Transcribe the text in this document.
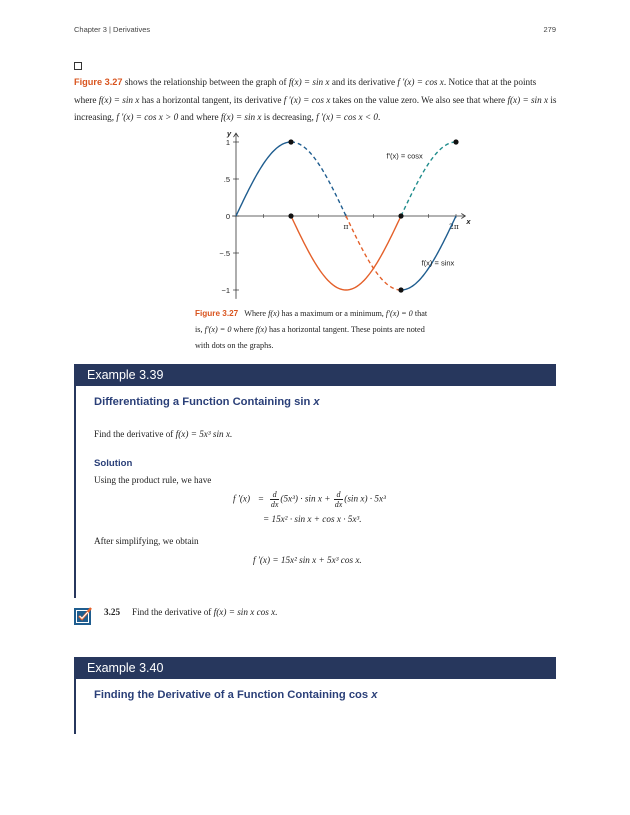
Chapter 3 | Derivatives	279
Figure 3.27 shows the relationship between the graph of f(x) = sin x and its derivative f ′(x) = cos x. Notice that at the points where f(x) = sin x has a horizontal tangent, its derivative f ′(x) = cos x takes on the value zero. We also see that where f(x) = sin x is increasing, f ′(x) = cos x > 0 and where f(x) = sin x is decreasing, f ′(x) = cos x < 0.
y
x
1
.5
0
−.5
−1
π	2π
f′(x) = cosx
f(x) = sinx
Figure 3.27 Where f(x) has a maximum or a minimum, f′(x) = 0 that is, f′(x) = 0 where f(x) has a horizontal tangent. These points are noted with dots on the graphs.
Example 3.39
Differentiating a Function Containing sin x
Find the derivative of f(x) = 5x³ sin x.
Solution
Using the product rule, we have
f $'(x) = \frac{d}{dx} (5x^3) \cdot \sin x + \frac{d}{dx} (\sin$ x) · 5x³
= 15x² · sin x + cos x · 5x³.
After simplifying, we obtain
f ′(x) = 15x² sin x + 5x³ cos x.
3.25 Find the derivative of f(x) = sin x cos x.
Example 3.40
Finding the Derivative of a Function Containing cos x
